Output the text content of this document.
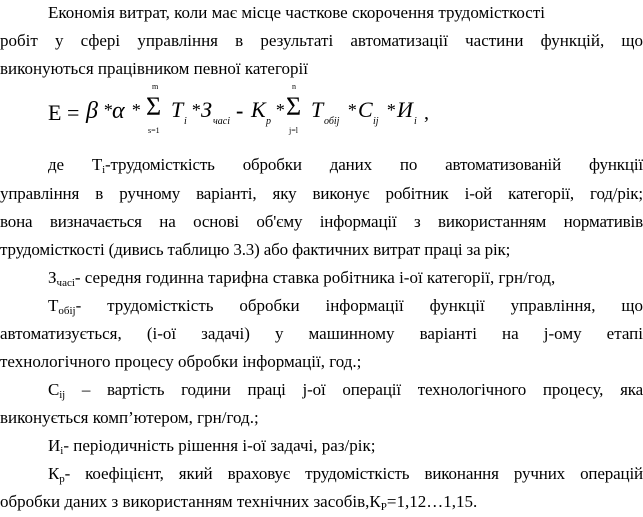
Економія витрат, коли має місце часткове скорочення трудомісткості
робіт у сфері управління в результаті автоматизації частини функцій, що
виконуються працівником певної категорії
Е = β * α *
m
Σ
s=1
T i
* З часі - K p
*
n
Σ
j=l
T обij
* C ij
* И i ,
де $T_i$-трудомісткість обробки даних по автоматизованій функції
управління в ручному варіанті, яку виконує робітник і-ой категорії, год/рік;
вона визначається на основі об'єму інформації з використанням нормативів
трудомісткості (дивись таблицю 3.3) або фактичних витрат праці за рік;
$З_{часі}-$ середня годинна тарифна ставка робітника і-ої категорії, грн/год,
$T_{обij}-$ трудомісткість обробки інформації функції управління, що
автоматизується, (і-ої задачі) у машинному варіанті на j-ому етапі
технологічного процесу обробки інформації, год.;
$С_{ij}$ – вартість години праці j-ої операції технологічного процесу, яка
виконується комп’ютером, грн/год.;
$И_і-$ періодичність рішення і-ої задачі, раз/рік;
$К_р-$ коефіцієнт, який враховує трудомісткість виконання ручних операцій
обробки даних з використанням технічних $засобів,К_Р=1,12\dots 1,15$.
